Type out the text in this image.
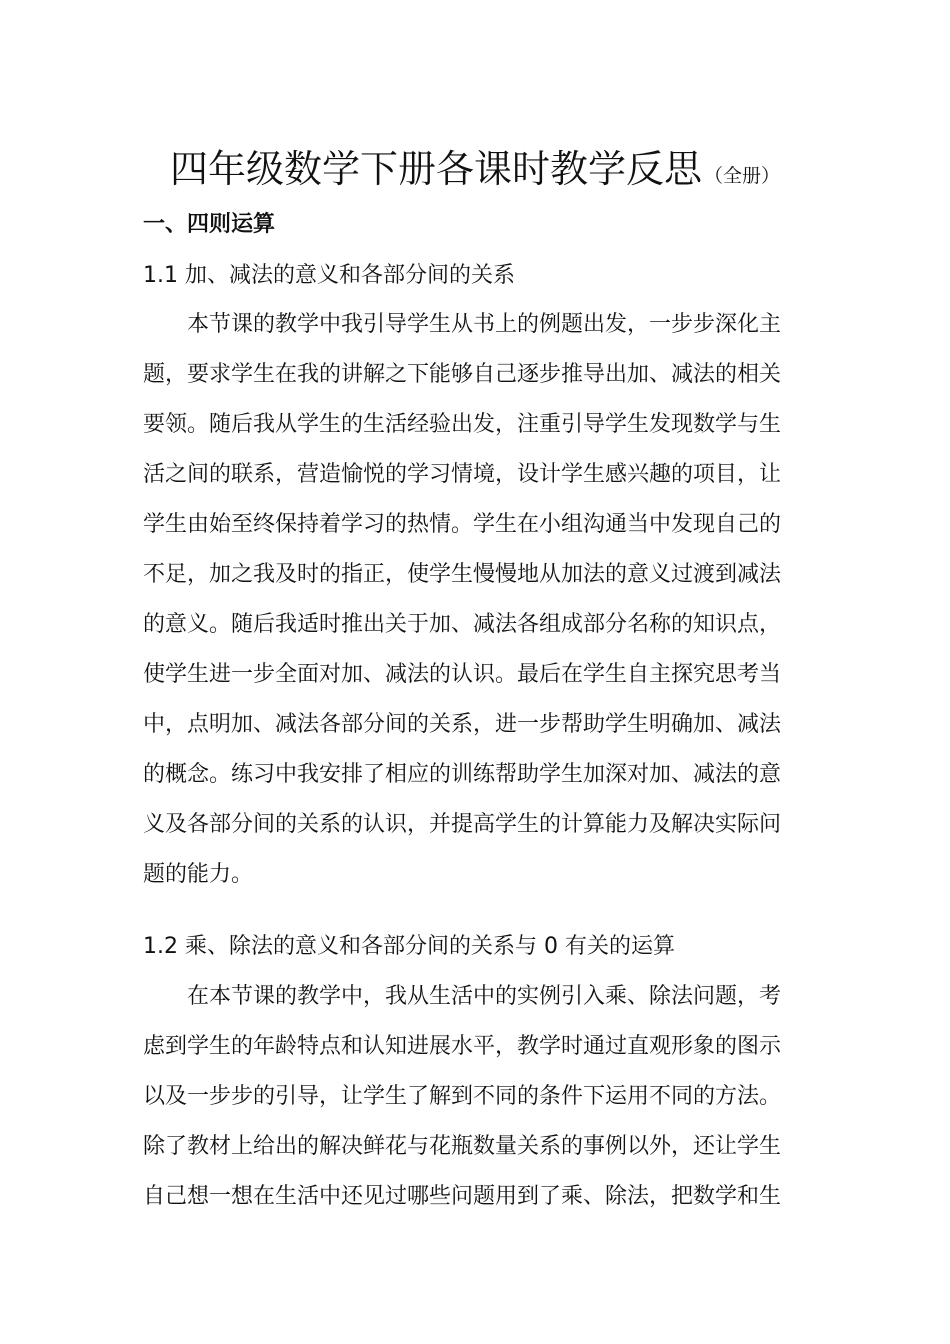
四年级数学下册各课时教学反思 （全册）
一、四则运算
1.1 加、减法的意义和各部分间的关系
本节课的教学中我引导学生从书上的例题出发，一步步深化主
题，要求学生在我的讲解之下能够自己逐步推导出加、减法的相关
要领。随后我从学生的生活经验出发，注重引导学生发现数学与生
活之间的联系，营造愉悦的学习情境，设计学生感兴趣的项目，让
学生由始至终保持着学习的热情。学生在小组沟通当中发现自己的
不足，加之我及时的指正，使学生慢慢地从加法的意义过渡到减法
的意义。随后我适时推出关于加、减法各组成部分名称的知识点，
使学生进一步全面对加、减法的认识。最后在学生自主探究思考当
中，点明加、减法各部分间的关系，进一步帮助学生明确加、减法
的概念。练习中我安排了相应的训练帮助学生加深对加、减法的意
义及各部分间的关系的认识，并提高学生的计算能力及解决实际问
题的能力。
1.2 乘、除法的意义和各部分间的关系与 0 有关的运算
在本节课的教学中，我从生活中的实例引入乘、除法问题，考
虑到学生的年龄特点和认知进展水平，教学时通过直观形象的图示
以及一步步的引导，让学生了解到不同的条件下运用不同的方法。
除了教材上给出的解决鲜花与花瓶数量关系的事例以外，还让学生
自己想一想在生活中还见过哪些问题用到了乘、除法，把数学和生
